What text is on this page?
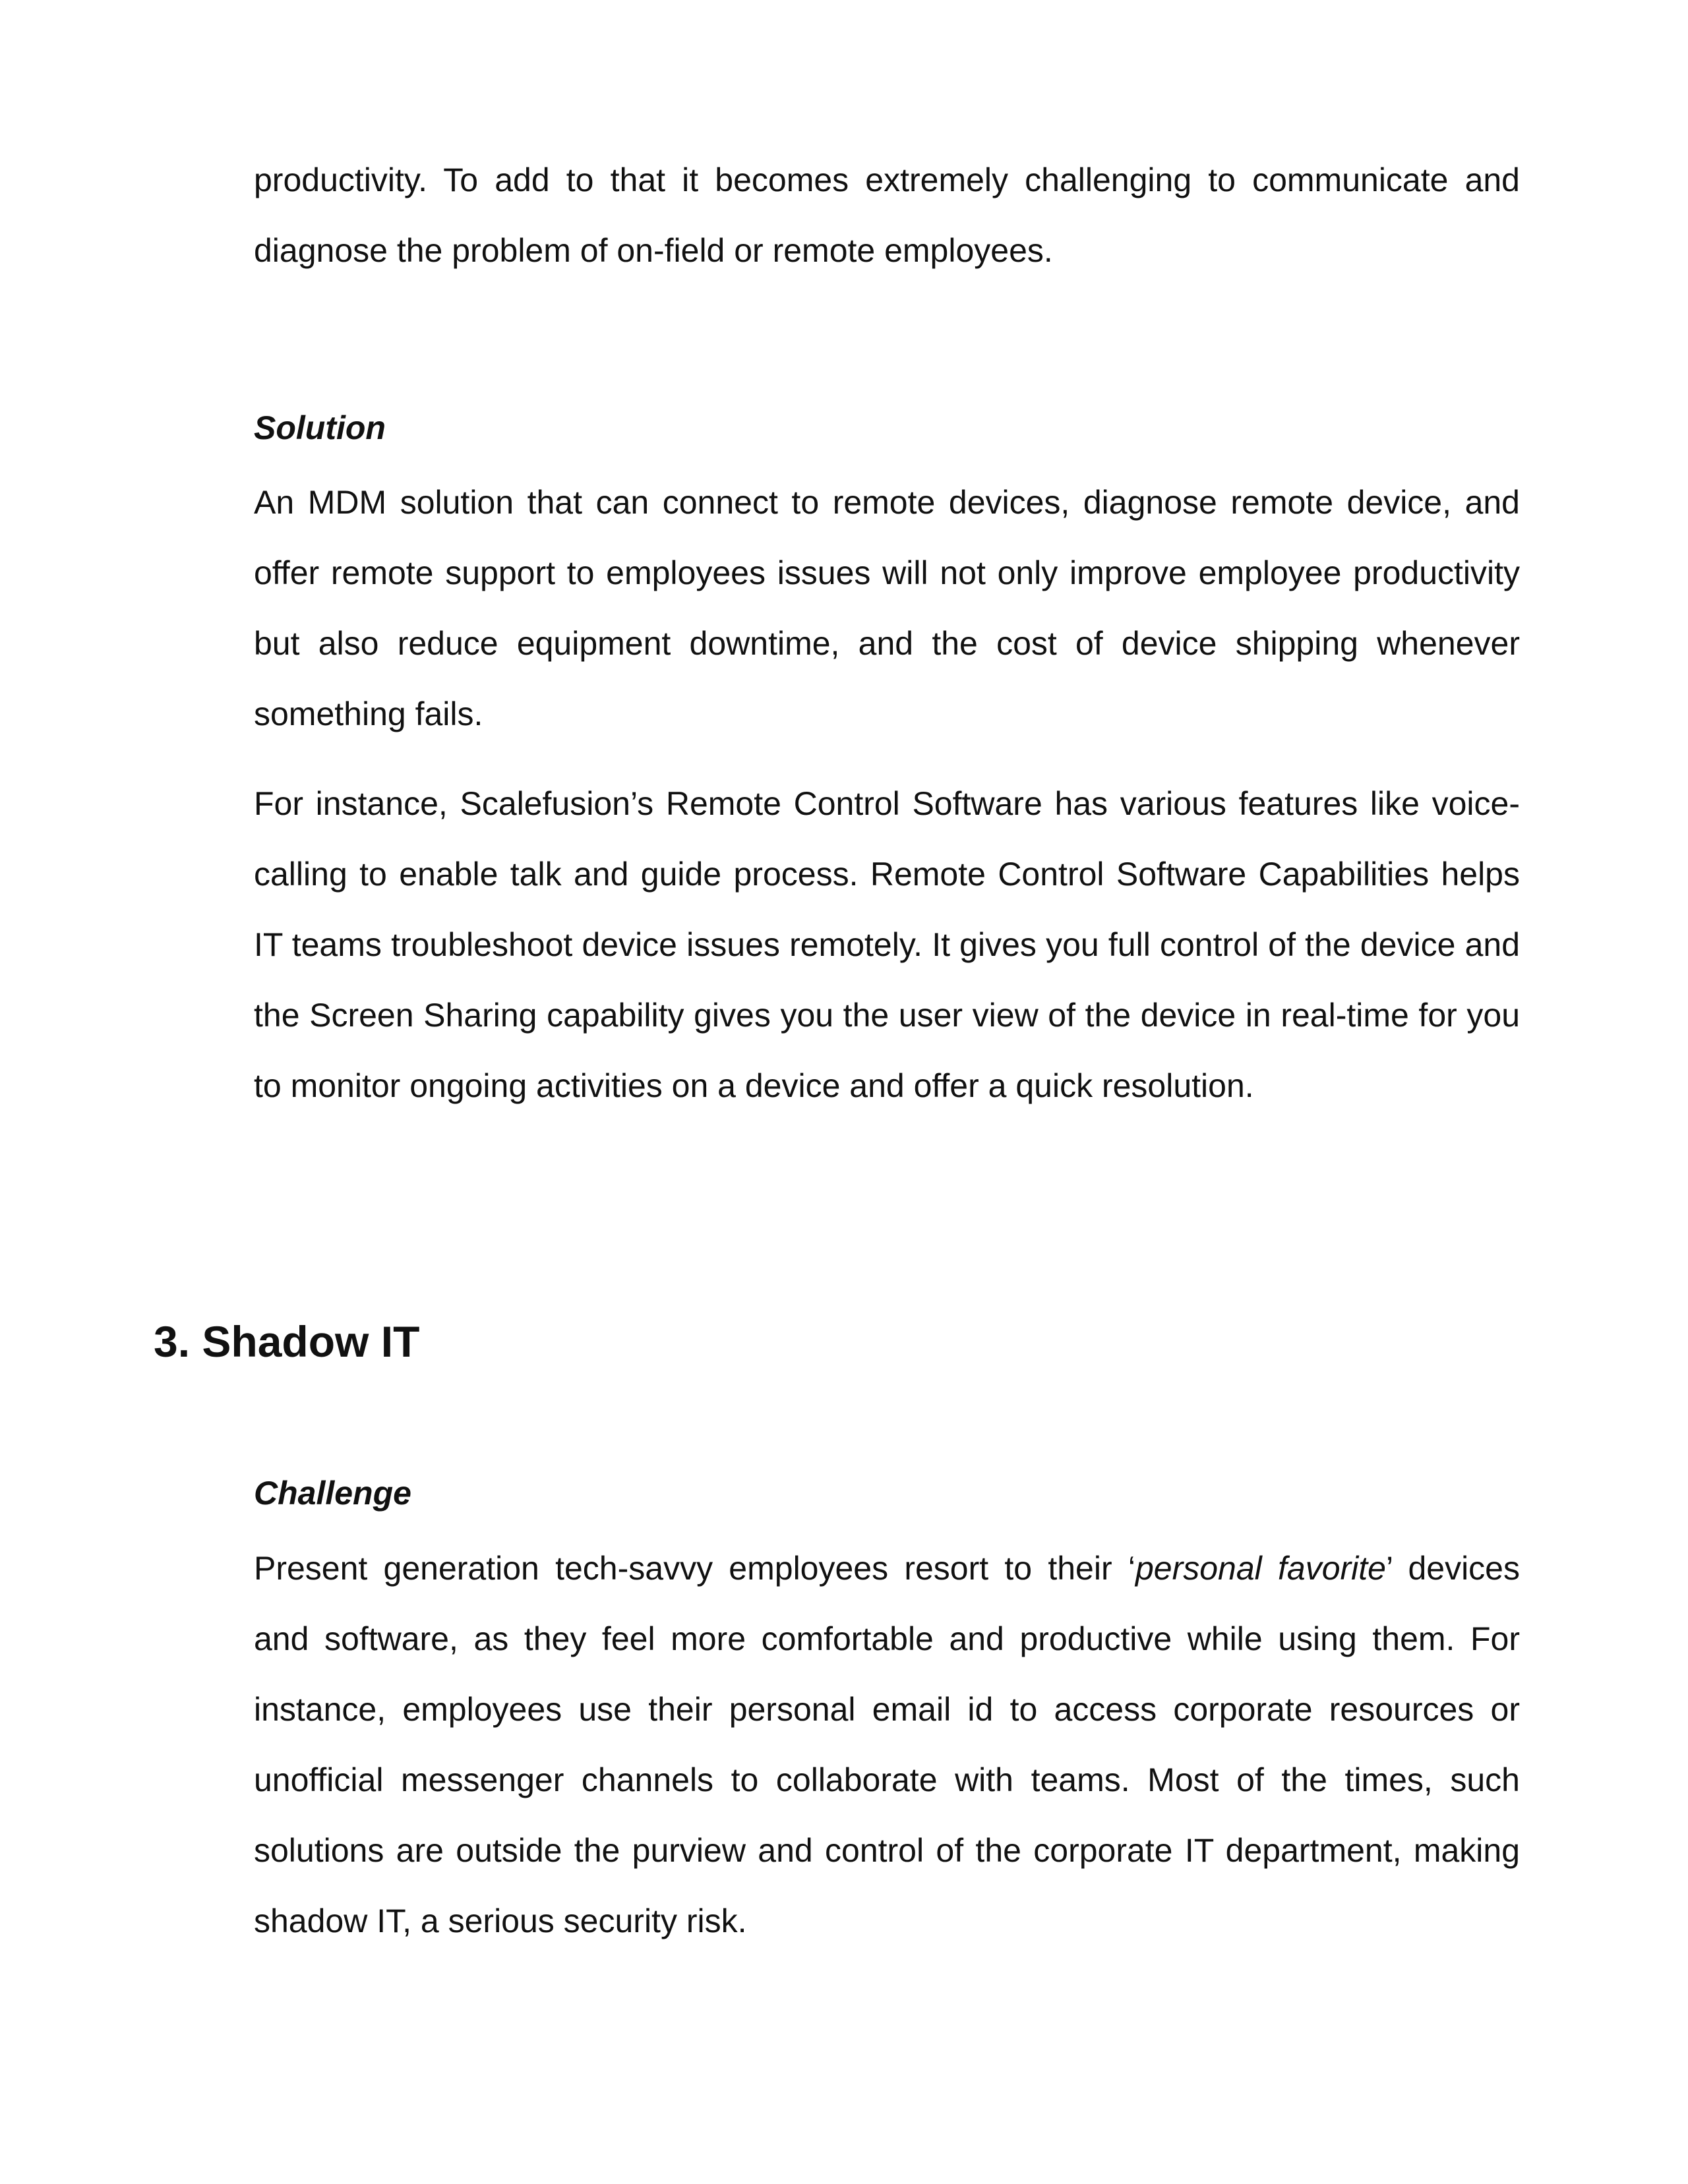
productivity. To add to that it becomes extremely challenging to communicate and diagnose the problem of on-field or remote employees.

Solution

An MDM solution that can connect to remote devices, diagnose remote device, and offer remote support to employees issues will not only improve employee productivity but also reduce equipment downtime, and the cost of device shipping whenever something fails.

For instance, Scalefusion’s Remote Control Software has various features like voice-calling to enable talk and guide process. Remote Control Software Capabilities helps IT teams troubleshoot device issues remotely. It gives you full control of the device and the Screen Sharing capability gives you the user view of the device in real-time for you to monitor ongoing activities on a device and offer a quick resolution.

3. Shadow IT
Challenge

Present generation tech-savvy employees resort to their ‘personal favorite’ devices and software, as they feel more comfortable and productive while using them. For instance, employees use their personal email id to access corporate resources or unofficial messenger channels to collaborate with teams. Most of the times, such solutions are outside the purview and control of the corporate IT department, making shadow IT, a serious security risk.
